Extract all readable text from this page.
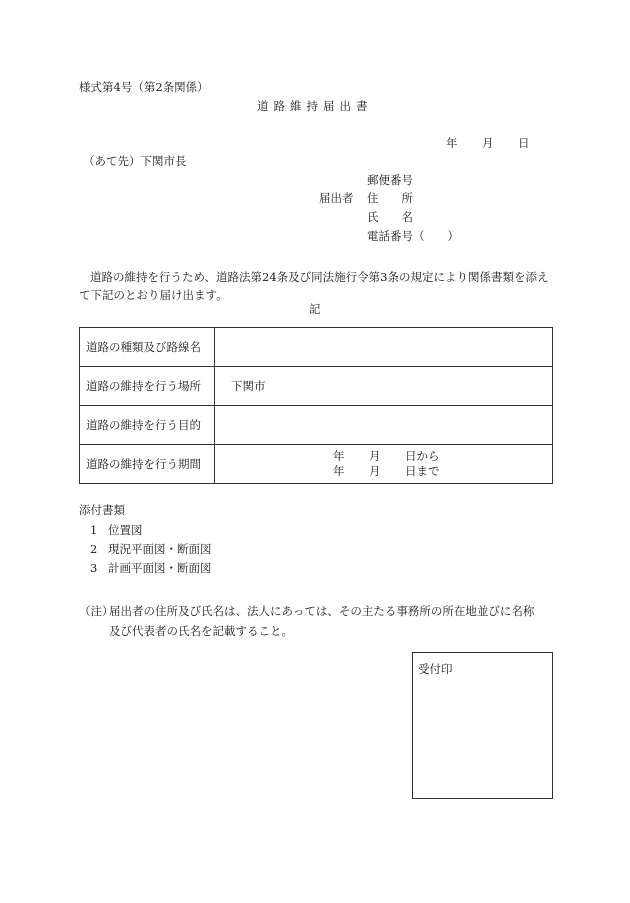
様式第4号（第2条関係）
道路維持届出書
年 月 日
（あて先）下関市長
郵便番号
届出者 住　　所
氏　　名
電話番号（　　）
道路の維持を行うため、道路法第24条及び同法施行令第3条の規定により関係書類を添えて下記のとおり届け出ます。
記
道路の種類及び路線名	
道路の維持を行う場所	下関市
道路の維持を行う目的	
道路の維持を行う期間	年 月 日から
年 月 日まで
添付書類
1 位置図
2 現況平面図・断面図
3 計画平面図・断面図
（注）届出者の住所及び氏名は、法人にあっては、その主たる事務所の所在地並びに名称
及び代表者の氏名を記載すること。
受付印
